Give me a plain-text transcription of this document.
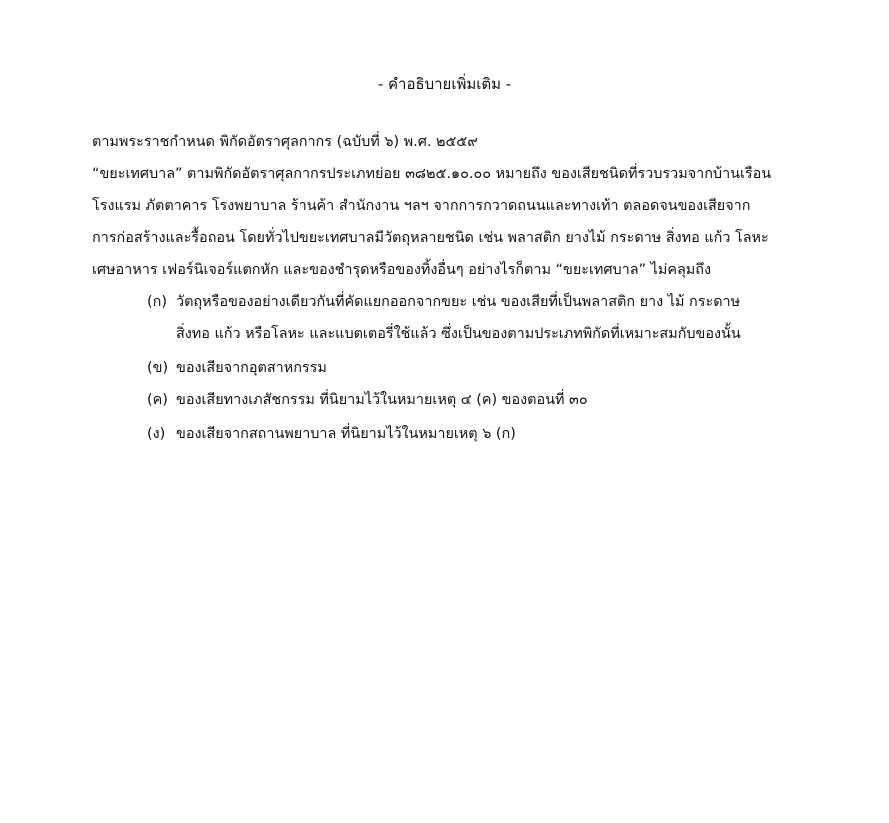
- คำอธิบายเพิ่มเติม -
ตามพระราชกำหนด พิกัดอัตราศุลกากร (ฉบับที่ ๖) พ.ศ. ๒๕๕๙
“ขยะเทศบาล” ตามพิกัดอัตราศุลกากรประเภทย่อย ๓๘๒๕.๑๐.๐๐ หมายถึง ของเสียชนิดที่รวบรวมจากบ้านเรือน
โรงแรม ภัตตาคาร โรงพยาบาล ร้านค้า สำนักงาน ฯลฯ จากการกวาดถนนและทางเท้า ตลอดจนของเสียจาก
การก่อสร้างและรื้อถอน โดยทั่วไปขยะเทศบาลมีวัตถุหลายชนิด เช่น พลาสติก ยางไม้ กระดาษ สิ่งทอ แก้ว โลหะ
เศษอาหาร เฟอร์นิเจอร์แตกหัก และของชำรุดหรือของทิ้งอื่นๆ อย่างไรก็ตาม “ขยะเทศบาล” ไม่คลุมถึง
(ก) วัตถุหรือของอย่างเดียวกันที่คัดแยกออกจากขยะ เช่น ของเสียที่เป็นพลาสติก ยาง ไม้ กระดาษ
สิ่งทอ แก้ว หรือโลหะ และแบตเตอรี่ใช้แล้ว ซึ่งเป็นของตามประเภทพิกัดที่เหมาะสมกับของนั้น
(ข) ของเสียจากอุตสาหกรรม
(ค) ของเสียทางเภสัชกรรม ที่นิยามไว้ในหมายเหตุ ๔ (ค) ของตอนที่ ๓๐
(ง) ของเสียจากสถานพยาบาล ที่นิยามไว้ในหมายเหตุ ๖ (ก)
